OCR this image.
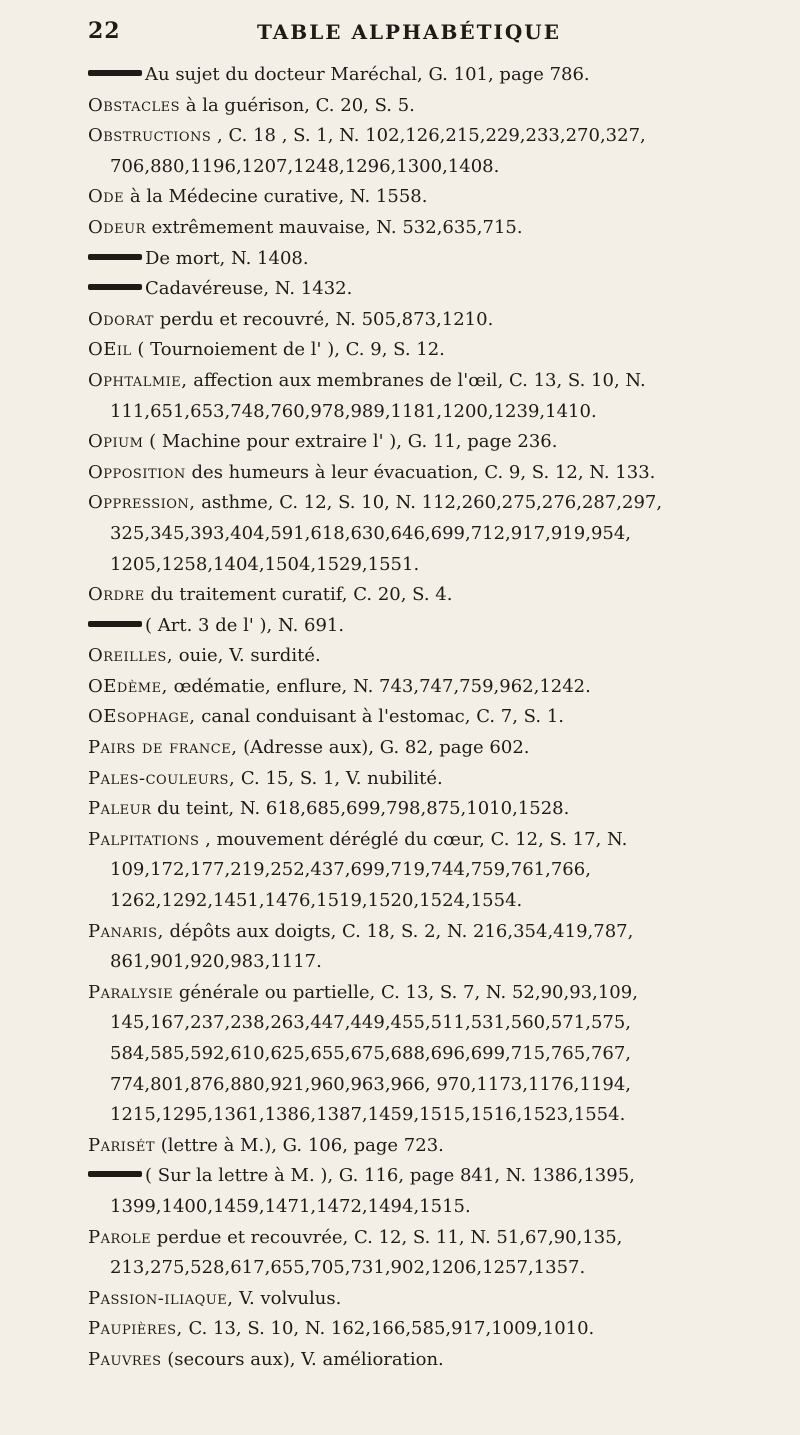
22	TABLE ALPHABÉTIQUE

Au sujet du docteur Maréchal, G. 101, page 786.

Obstacles à la guérison, C. 20, S. 5.

Obstructions , C. 18 , S. 1, N. 102,126,215,229,233,270,327, 706,880,1196,1207,1248,1296,1300,1408.

Ode à la Médecine curative, N. 1558.

Odeur extrêmement mauvaise, N. 532,635,715.

De mort, N. 1408.

Cadavéreuse, N. 1432.

Odorat perdu et recouvré, N. 505,873,1210.

OEil ( Tournoiement de l' ), C. 9, S. 12.

Ophtalmie, affection aux membranes de l'œil, C. 13, S. 10, N. 111,651,653,748,760,978,989,1181,1200,1239,1410.

Opium ( Machine pour extraire l' ), G. 11, page 236.

Opposition des humeurs à leur évacuation, C. 9, S. 12, N. 133.

Oppression, asthme, C. 12, S. 10, N. 112,260,275,276,287,297, 325,345,393,404,591,618,630,646,699,712,917,919,954, 1205,1258,1404,1504,1529,1551.

Ordre du traitement curatif, C. 20, S. 4.

( Art. 3 de l' ), N. 691.

Oreilles, ouie, V. surdité.

OEdème, œdématie, enflure, N. 743,747,759,962,1242.

OEsophage, canal conduisant à l'estomac, C. 7, S. 1.

Pairs de france, (Adresse aux), G. 82, page 602.

Pales-couleurs, C. 15, S. 1, V. nubilité.

Paleur du teint, N. 618,685,699,798,875,1010,1528.

Palpitations , mouvement déréglé du cœur, C. 12, S. 17, N. 109,172,177,219,252,437,699,719,744,759,761,766, 1262,1292,1451,1476,1519,1520,1524,1554.

Panaris, dépôts aux doigts, C. 18, S. 2, N. 216,354,419,787, 861,901,920,983,1117.

Paralysie générale ou partielle, C. 13, S. 7, N. 52,90,93,109, 145,167,237,238,263,447,449,455,511,531,560,571,575, 584,585,592,610,625,655,675,688,696,699,715,765,767, 774,801,876,880,921,960,963,966, 970,1173,1176,1194, 1215,1295,1361,1386,1387,1459,1515,1516,1523,1554.

Parisét (lettre à M.), G. 106, page 723.

( Sur la lettre à M. ), G. 116, page 841, N. 1386,1395, 1399,1400,1459,1471,1472,1494,1515.

Parole perdue et recouvrée, C. 12, S. 11, N. 51,67,90,135, 213,275,528,617,655,705,731,902,1206,1257,1357.

Passion-iliaque, V. volvulus.

Paupières, C. 13, S. 10, N. 162,166,585,917,1009,1010.

Pauvres (secours aux), V. amélioration.
